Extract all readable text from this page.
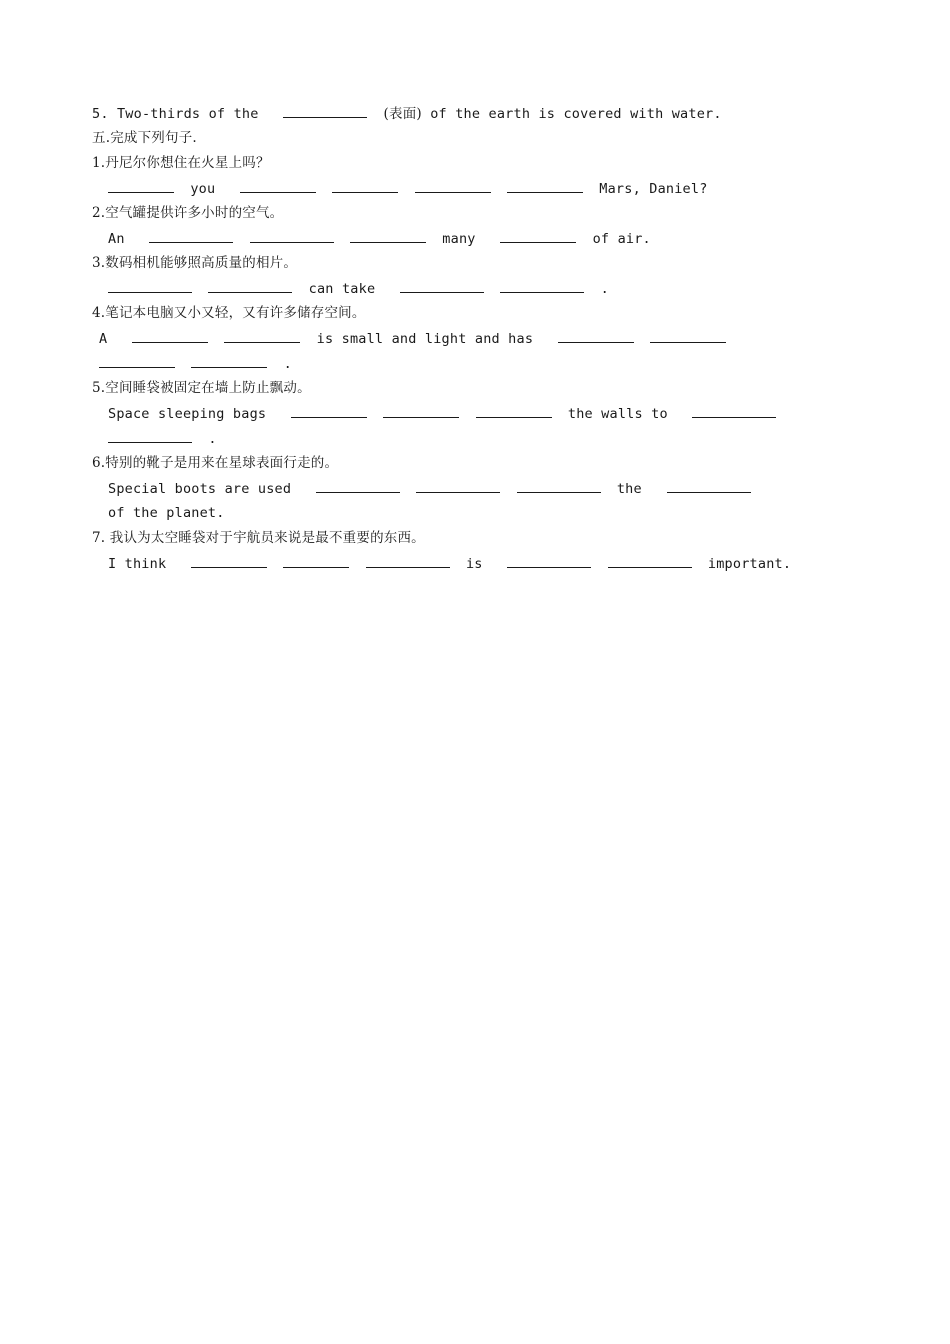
5. Two-thirds of the	(表面) of the earth is covered with water.
五.完成下列句子.
1.丹尼尔你想住在火星上吗？
you	Mars, Daniel?
2.空气罐提供许多小时的空气。
An	many	of air.
3.数码相机能够照高质量的相片。
can take	.
4.笔记本电脑又小又轻，又有许多储存空间。
A	is small and light and has
.
5.空间睡袋被固定在墙上防止飘动。
Space sleeping bags	the walls to
.
6.特别的靴子是用来在星球表面行走的。
Special boots are used	the
of the planet.
7. 我认为太空睡袋对于宇航员来说是最不重要的东西。
I think	is	important.
